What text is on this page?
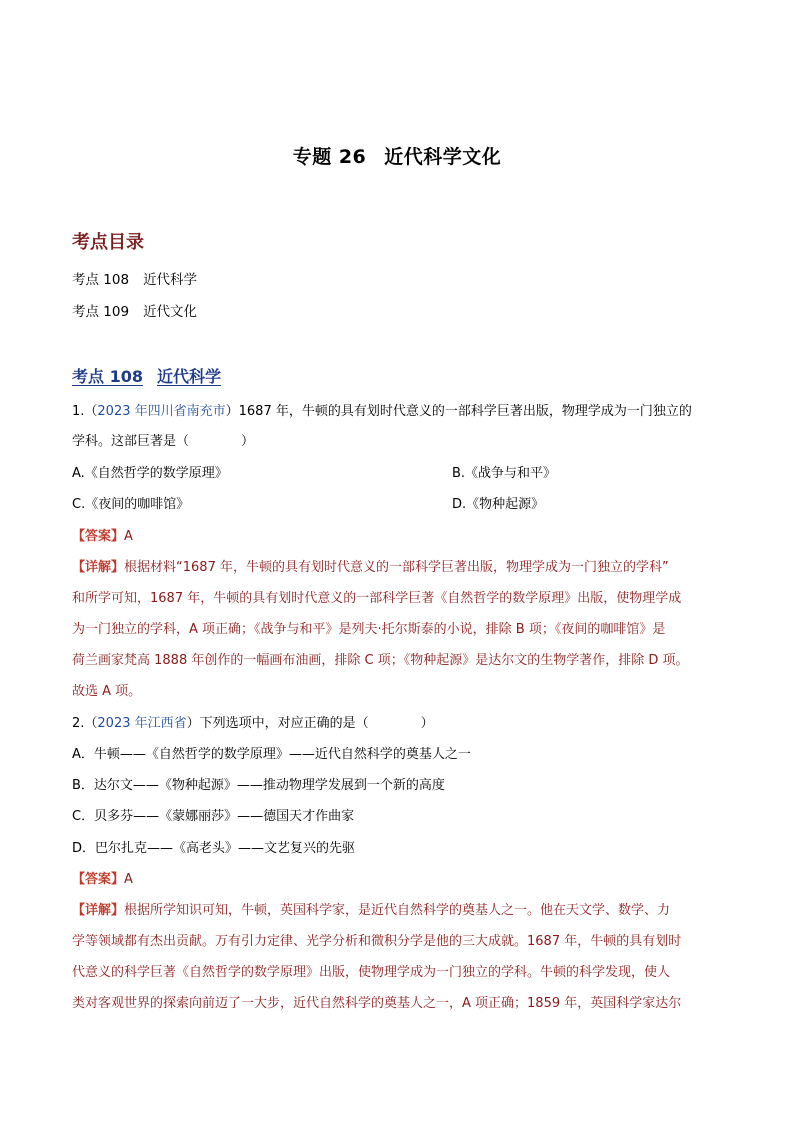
专题 26 近代科学文化
考点目录
考点 108 近代科学
考点 109 近代文化
考点 108 近代科学
1.（2023 年四川省南充市）1687 年，牛顿的具有划时代意义的一部科学巨著出版，物理学成为一门独立的
学科。这部巨著是（　　　　）
A.《自然哲学的数学原理》	B.《战争与和平》
C.《夜间的咖啡馆》	D.《物种起源》
【答案】A
【详解】根据材料“1687 年，牛顿的具有划时代意义的一部科学巨著出版，物理学成为一门独立的学科”
和所学可知，1687 年，牛顿的具有划时代意义的一部科学巨著《自然哲学的数学原理》出版，使物理学成
为一门独立的学科，A 项正确；《战争与和平》是列夫·托尔斯泰的小说，排除 B 项；《夜间的咖啡馆》是
荷兰画家梵高 1888 年创作的一幅画布油画，排除 C 项；《物种起源》是达尔文的生物学著作，排除 D 项。
故选 A 项。
2.（2023 年江西省）下列选项中，对应正确的是（　　　　）
A．牛顿——《自然哲学的数学原理》——近代自然科学的奠基人之一
B．达尔文——《物种起源》——推动物理学发展到一个新的高度
C．贝多芬——《蒙娜丽莎》——德国天才作曲家
D．巴尔扎克——《高老头》——文艺复兴的先驱
【答案】A
【详解】根据所学知识可知，牛顿，英国科学家，是近代自然科学的奠基人之一。他在天文学、数学、力
学等领域都有杰出贡献。万有引力定律、光学分析和微积分学是他的三大成就。1687 年，牛顿的具有划时
代意义的科学巨著《自然哲学的数学原理》出版，使物理学成为一门独立的学科。牛顿的科学发现，使人
类对客观世界的探索向前迈了一大步，近代自然科学的奠基人之一，A 项正确；1859 年，英国科学家达尔
